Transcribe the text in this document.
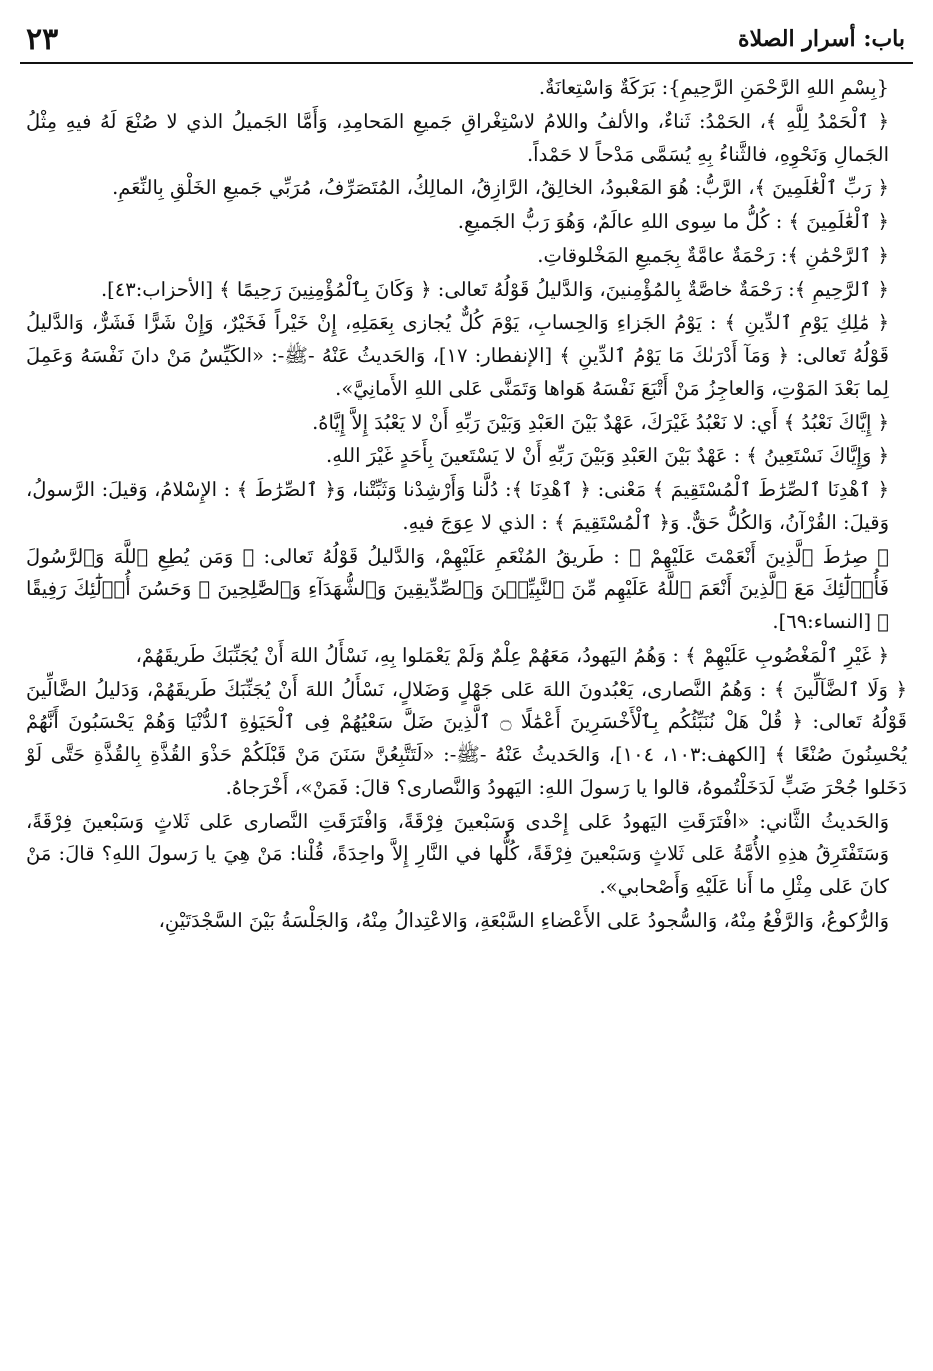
باب: أسرار الصلاة
٢٣

{بِسْمِ اللهِ الرَّحْمَنِ الرَّحِيمِ}: بَرَكَةٌ وَاسْتِعانَةٌ.

﴿ ٱلْحَمْدُ لِلَّهِ ﴾، الحَمْدُ: ثَناءٌ، والألفُ واللامُ لاسْتِغْراقِ جَميعِ المَحامِدِ، وَأَمَّا الجَميلُ الذي لا صُنْعَ لَهُ فيهِ مِثْلُ الجَمالِ وَنَحْوِهِ، فالثَّناءُ بِهِ يُسَمَّى مَدْحاً لا حَمْداً.

﴿ رَبِّ ٱلْعَٰلَمِينَ ﴾، الرَّبُّ: هُوَ المَعْبودُ، الخالِقُ، الرَّازِقُ، المالِكُ، المُتَصَرِّفُ، مُرَبِّي جَميعِ الخَلْقِ بِالنِّعَمِ.

﴿ ٱلْعَٰلَمِينَ ﴾ : كُلُّ ما سِوى اللهِ عالَمٌ، وَهُوَ رَبُّ الجَميعِ.

﴿ ٱلرَّحْمَٰنِ ﴾: رَحْمَةٌ عامَّةٌ بِجَميعِ المَخْلوقاتِ.

﴿ ٱلرَّحِيمِ ﴾: رَحْمَةٌ خاصَّةٌ بِالمُؤْمِنينَ، وَالدَّليلُ قَوْلُهُ تَعالى: ﴿ وَكَانَ بِٱلْمُؤْمِنِينَ رَحِيمًا ﴾ [الأحزاب:٤٣].

﴿ مَٰلِكِ يَوْمِ ٱلدِّينِ ﴾ : يَوْمُ الجَزاءِ وَالحِسابِ، يَوْمَ كُلٌّ يُجازى بِعَمَلِهِ، إِنْ خَيْراً فَخَيْرٌ، وَإِنْ شَرًّا فَشَرٌّ، وَالدَّليلُ قَوْلُهُ تَعالى: ﴿ وَمَآ أَدْرَىٰكَ مَا يَوْمُ ٱلدِّينِ ﴾ [الإنفطار: ١٧]، وَالحَديثُ عَنْهُ -ﷺ-: «الكَيِّسُ مَنْ دانَ نَفْسَهُ وَعَمِلَ لِما بَعْدَ المَوْتِ، وَالعاجِزُ مَنْ أَتْبَعَ نَفْسَهُ هَواها وَتَمَنَّى عَلى اللهِ الأَمانِيَّ».

﴿ إِيَّاكَ نَعْبُدُ ﴾ أَي: لا نَعْبُدُ غَيْرَكَ، عَهْدٌ بَيْنَ العَبْدِ وَبَيْنَ رَبِّهِ أَنْ لا يَعْبُدَ إِلاَّ إِيَّاهُ.

﴿ وَإِيَّاكَ نَسْتَعِينُ ﴾ : عَهْدٌ بَيْنَ العَبْدِ وَبَيْنَ رَبِّهِ أَنْ لا يَسْتَعينَ بِأَحَدٍ غَيْرَ اللهِ.

﴿ ٱهْدِنَا ٱلصِّرَٰطَ ٱلْمُسْتَقِيمَ ﴾ مَعْنى: ﴿ ٱهْدِنَا ﴾: دُلَّنا وَأَرْشِدْنا وَثَبِّتْنا، وَ﴿ ٱلصِّرَٰطَ ﴾ : الإِسْلامُ، وَقيلَ: الرَّسولُ، وَقيلَ: القُرْآنُ، وَالكُلُّ حَقٌّ. وَ﴿ ٱلْمُسْتَقِيمَ ﴾ : الذي لا عِوَجَ فيهِ.

﴿ صِرَٰطَ ٱلَّذِينَ أَنْعَمْتَ عَلَيْهِمْ ﴾ : طَريقُ المُنْعَمِ عَلَيْهِمْ، وَالدَّليلُ قَوْلُهُ تَعالى: ﴿ وَمَن يُطِعِ ٱللَّهَ وَٱلرَّسُولَ فَأُو۟لَٰٓئِكَ مَعَ ٱلَّذِينَ أَنْعَمَ ٱللَّهُ عَلَيْهِم مِّنَ ٱلنَّبِيِّـۧنَ وَٱلصِّدِّيقِينَ وَٱلشُّهَدَآءِ وَٱلصَّٰلِحِينَ ۚ وَحَسُنَ أُو۟لَٰٓئِكَ رَفِيقًا ﴾ [النساء:٦٩].

﴿ غَيْرِ ٱلْمَغْضُوبِ عَلَيْهِمْ ﴾ : وَهُمُ اليَهودُ، مَعَهُمْ عِلْمٌ وَلَمْ يَعْمَلوا بِهِ، نَسْأَلُ اللهَ أَنْ يُجَنِّبَكَ طَريقَهُمْ،

﴿ وَلَا ٱلضَّآلِّينَ ﴾ : وَهُمُ النَّصارى، يَعْبُدونَ اللهَ عَلى جَهْلٍ وَضَلالٍ، نَسْأَلُ اللهَ أَنْ يُجَنِّبَكَ طَريقَهُمْ، وَدَليلُ الضَّالِّينَ قَوْلُهُ تَعالى: ﴿ قُلْ هَلْ نُنَبِّئُكُم بِٱلْأَخْسَرِينَ أَعْمَٰلًا ۝ ٱلَّذِينَ ضَلَّ سَعْيُهُمْ فِى ٱلْحَيَوٰةِ ٱلدُّنْيَا وَهُمْ يَحْسَبُونَ أَنَّهُمْ يُحْسِنُونَ صُنْعًا ﴾ [الكهف:١٠٣، ١٠٤]، وَالحَديثُ عَنْهُ -ﷺ-: «لَتَتَّبِعُنَّ سَنَنَ مَنْ قَبْلَكُمْ حَذْوَ القُذَّةِ بِالقُذَّةِ حَتَّى لَوْ دَخَلوا جُحْرَ ضَبٍّ لَدَخَلْتُموهُ، قالوا يا رَسولَ اللهِ: اليَهودُ وَالنَّصارى؟ قالَ: فَمَنْ»، أَخْرَجاهُ.

وَالحَديثُ الثَّاني: «افْتَرَقَتِ اليَهودُ عَلى إِحْدى وَسَبْعينَ فِرْقَةً، وَافْتَرَقَتِ النَّصارى عَلى ثَلاثٍ وَسَبْعينَ فِرْقَةً، وَسَتَفْتَرِقُ هذِهِ الأُمَّةُ عَلى ثَلاثٍ وَسَبْعينَ فِرْقَةً، كُلُّها في النَّارِ إِلاَّ واحِدَةً، قُلْنا: مَنْ هِيَ يا رَسولَ اللهِ؟ قالَ: مَنْ كانَ عَلى مِثْلِ ما أَنا عَلَيْهِ وَأَصْحابي».

وَالرُّكوعُ، وَالرَّفْعُ مِنْهُ، وَالسُّجودُ عَلى الأَعْضاءِ السَّبْعَةِ، وَالاعْتِدالُ مِنْهُ، وَالجَلْسَةُ بَيْنَ السَّجْدَتَيْنِ،
